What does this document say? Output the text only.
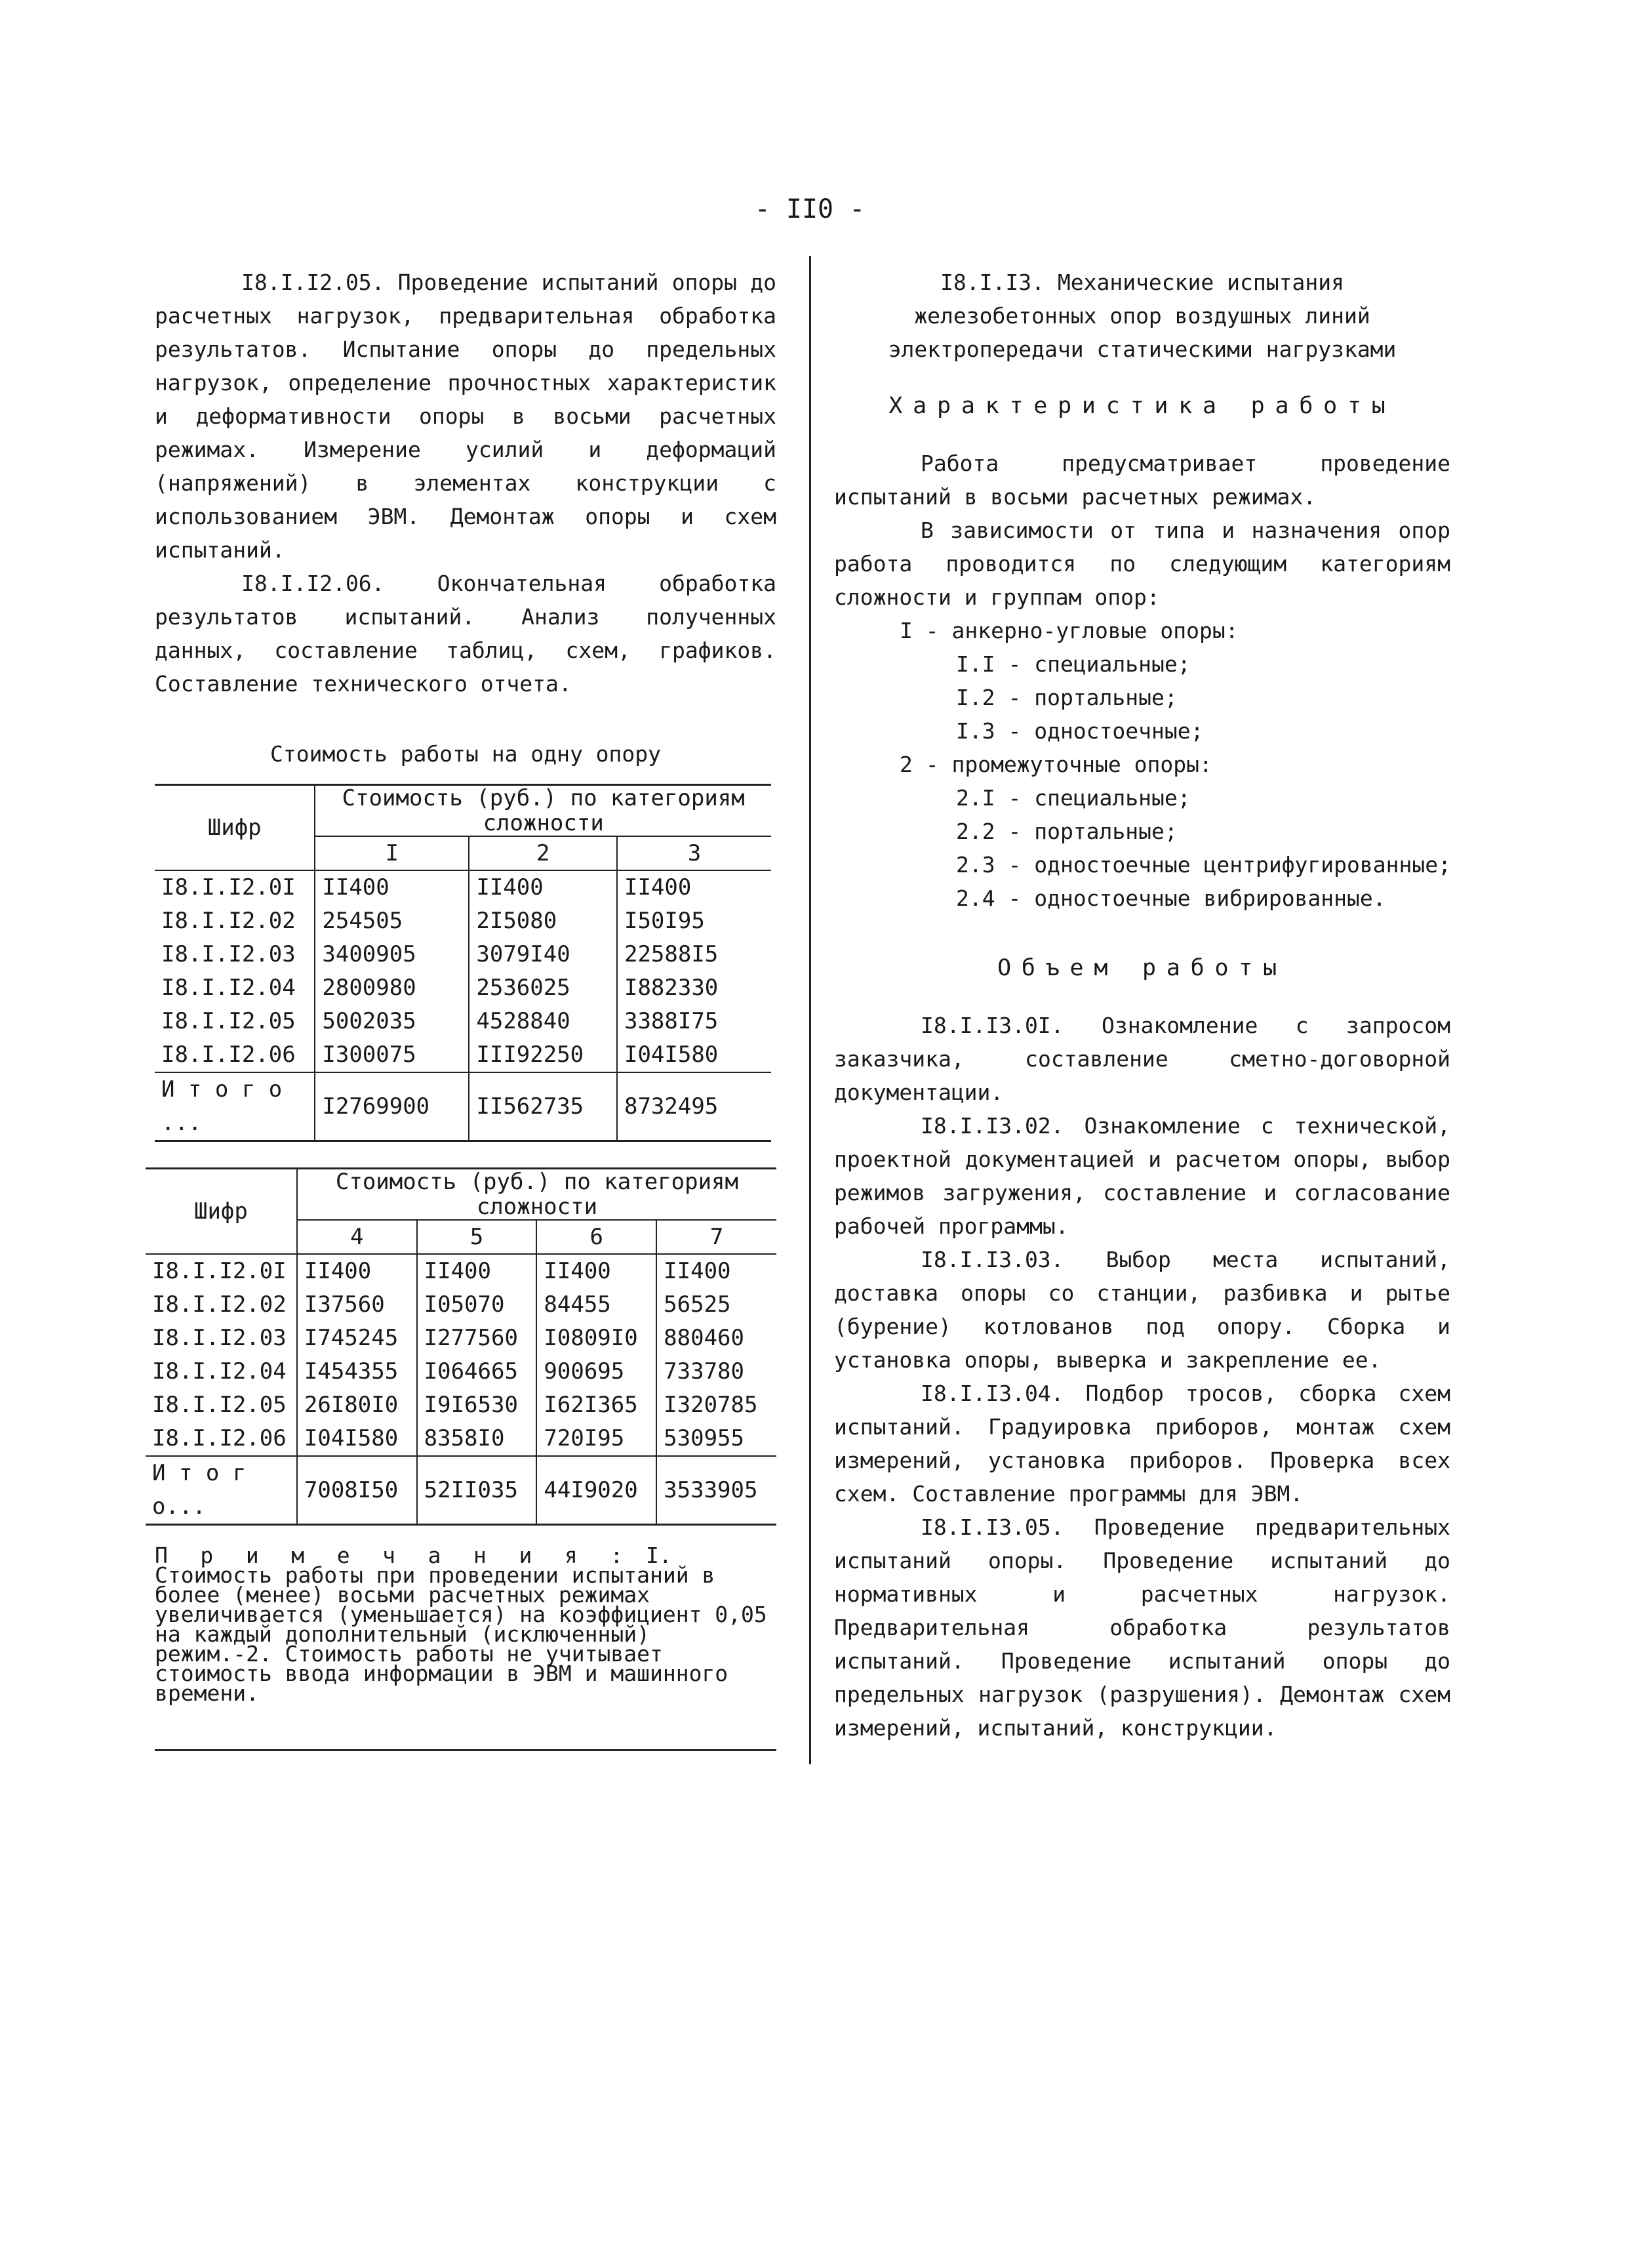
- II0 -

I8.I.I2.05. Проведение испытаний опоры до расчетных нагрузок, предварительная обработка результатов. Испытание опоры до предельных нагрузок, определение прочностных характеристик и деформативности опоры в восьми расчетных режимах. Измерение усилий и деформаций (напряжений) в элементах конструкции с использованием ЭВМ. Демонтаж опоры и схем испытаний.

I8.I.I2.06. Окончательная обработка результатов испытаний. Анализ полученных данных, составление таблиц, схем, графиков. Составление технического отчета.

Стоимость работы на одну опору
Шифр	Стоимость (руб.) по категориям сложности		
	I	2	3
I8.I.I2.0I	II400	II400	II400
I8.I.I2.02	254505	2I5080	I50I95
I8.I.I2.03	3400905	3079I40	22588I5
I8.I.I2.04	2800980	2536025	I882330
I8.I.I2.05	5002035	4528840	3388I75
I8.I.I2.06	I300075	III92250	I04I580
И т о г о ...	I2769900	II562735	8732495
Шифр	Стоимость (руб.) по категориям сложности			
	4	5	6	7
I8.I.I2.0I	II400	II400	II400	II400
I8.I.I2.02	I37560	I05070	84455	56525
I8.I.I2.03	I745245	I277560	I0809I0	880460
I8.I.I2.04	I454355	I064665	900695	733780
I8.I.I2.05	26I80I0	I9I6530	I62I365	I320785
I8.I.I2.06	I04I580	8358I0	720I95	530955
И т о г о...	7008I50	52II035	44I9020	3533905
П р и м е ч а н и я : I. Стоимость работы при проведении испытаний в более (менее) восьми расчетных режимах увеличивается (уменьшается) на коэффициент 0,05 на каждый дополнительный (исключенный) режим.-2. Стоимость работы не учитывает стоимость ввода информации в ЭВМ и машинного времени.

I8.I.I3. Механические испытания железобетонных опор воздушных линий электропередачи статическими нагрузками

Характеристика работы

Работа предусматривает проведение испытаний в восьми расчетных режимах.

В зависимости от типа и назначения опор работа проводится по следующим категориям сложности и группам опор:

I - анкерно-угловые опоры:
I.I - специальные;
I.2 - портальные;
I.3 - одностоечные;
2 - промежуточные опоры:
2.I - специальные;
2.2 - портальные;
2.3 - одностоечные центрифугированные;
2.4 - одностоечные вибрированные.

Объем работы

I8.I.I3.0I. Ознакомление с запросом заказчика, составление сметно-договорной документации.

I8.I.I3.02. Ознакомление с технической, проектной документацией и расчетом опоры, выбор режимов загружения, составление и согласование рабочей программы.

I8.I.I3.03. Выбор места испытаний, доставка опоры со станции, разбивка и рытье (бурение) котлованов под опору. Сборка и установка опоры, выверка и закрепление ее.

I8.I.I3.04. Подбор тросов, сборка схем испытаний. Градуировка приборов, монтаж схем измерений, установка приборов. Проверка всех схем. Составление программы для ЭВМ.

I8.I.I3.05. Проведение предварительных испытаний опоры. Проведение испытаний до нормативных и расчетных нагрузок. Предварительная обработка результатов испытаний. Проведение испытаний опоры до предельных нагрузок (разрушения). Демонтаж схем измерений, испытаний, конструкции.
